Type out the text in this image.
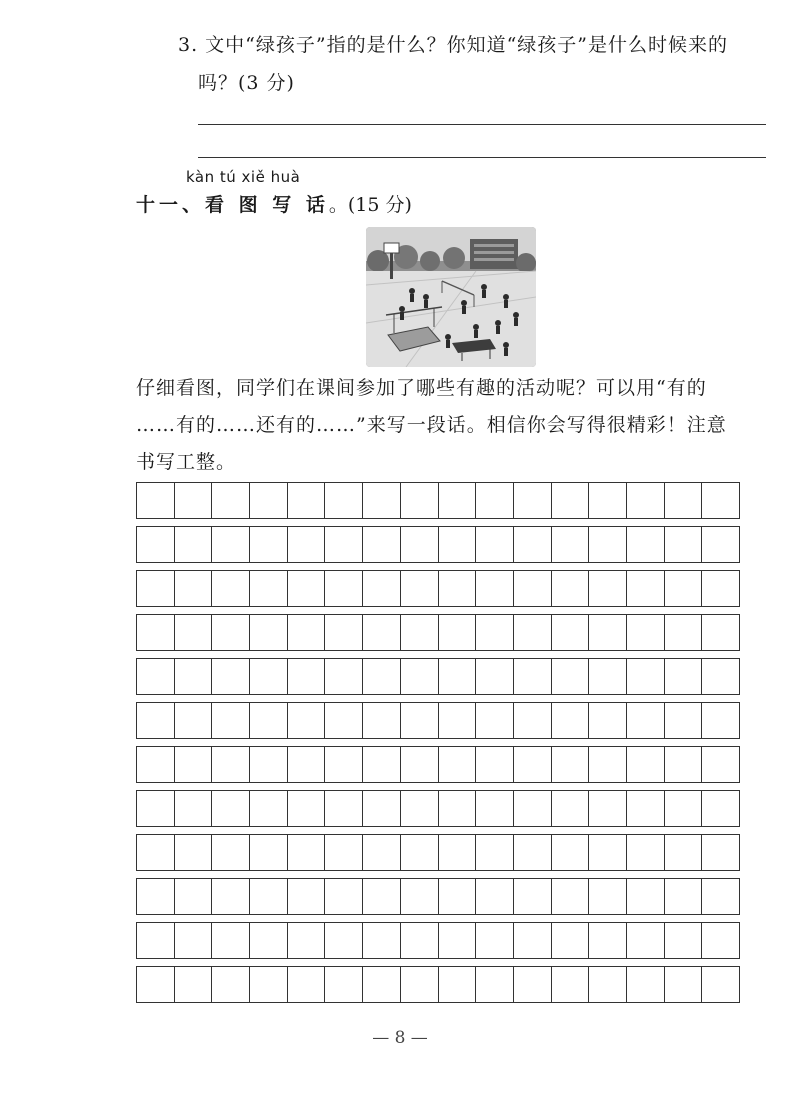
3. 文中“绿孩子”指的是什么？你知道“绿孩子”是什么时候来的
吗？(3 分)
kàn tú xiě huà
十一、看 图 写 话。(15 分)
仔细看图，同学们在课间参加了哪些有趣的活动呢？可以用“有的
……有的……还有的……”来写一段话。相信你会写得很精彩！注意
书写工整。
— 8 —
